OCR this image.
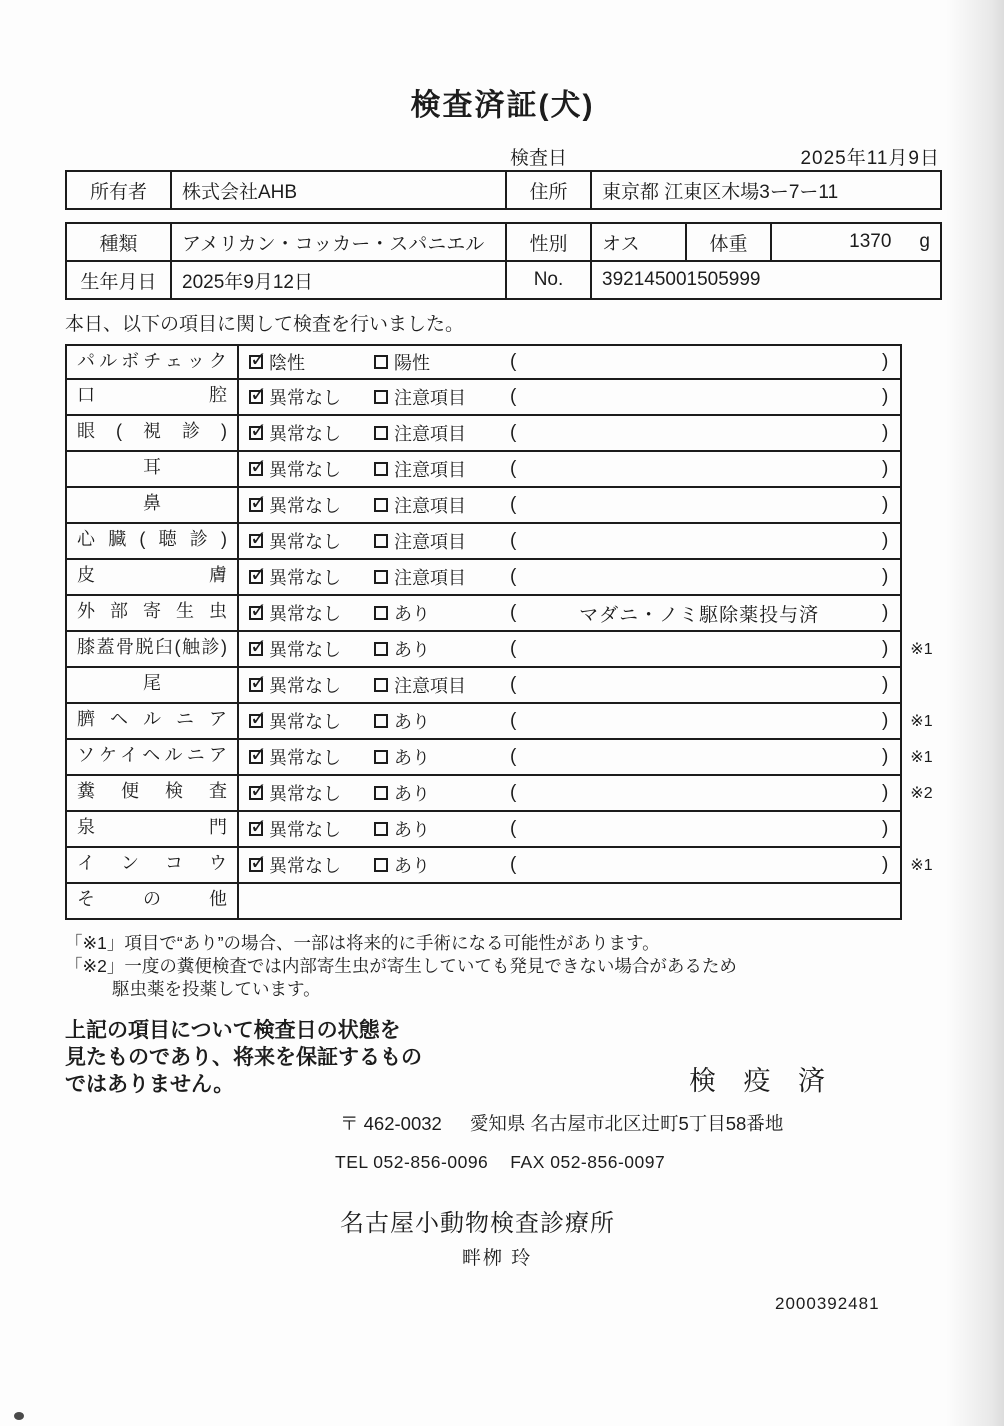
検査済証(犬)
検査日	2025年11月9日
所有者	株式会社AHB	住所	東京都 江東区木場3ー7ー11
種類	アメリカン・コッカー・スパニエル	性別	オス	体重	1370 g

生年月日	2025年9月12日	No.	392145001505999		
本日、以下の項目に関して検査を行いました。
パルボチェック ✓	陰性	陽性	(	)
口腔 ✓	異常なし	注意項目 (	)
眼(視診) ✓	異常なし	注意項目 (	)
耳 ✓	異常なし	注意項目 (	)
鼻 ✓	異常なし	注意項目 (	)
心臓(聴診) ✓	異常なし	注意項目 (	)
皮膚 ✓	異常なし	注意項目 (	)
外部寄生虫 ✓	異常なし	あり	(	マダニ・ノミ駆除薬投与済	)
膝蓋骨脱臼(触診) ✓	異常なし	あり	(	)	※1
尾 ✓	異常なし	注意項目 (	)
臍ヘルニア ✓	異常なし	あり	(	)	※1
ソケイヘルニア ✓	異常なし	あり	(	)	※1
糞便検査 ✓	異常なし	あり	(	)	※2
泉門 ✓	異常なし	あり	(	)
インコウ ✓	異常なし	あり	(	)	※1
その他
「※1」項目で“あり”の場合、一部は将来的に手術になる可能性があります。
「※2」一度の糞便検査では内部寄生虫が寄生していても発見できない場合があるため
駆虫薬を投薬しています。
上記の項目について検査日の状態を
見たものであり、将来を保証するもの
ではありません。	検 疫 済
〒 462-0032 愛知県 名古屋市北区辻町5丁目58番地
TEL 052-856-0096 FAX 052-856-0097
名古屋小動物検査診療所
畔栁 玲
2000392481
